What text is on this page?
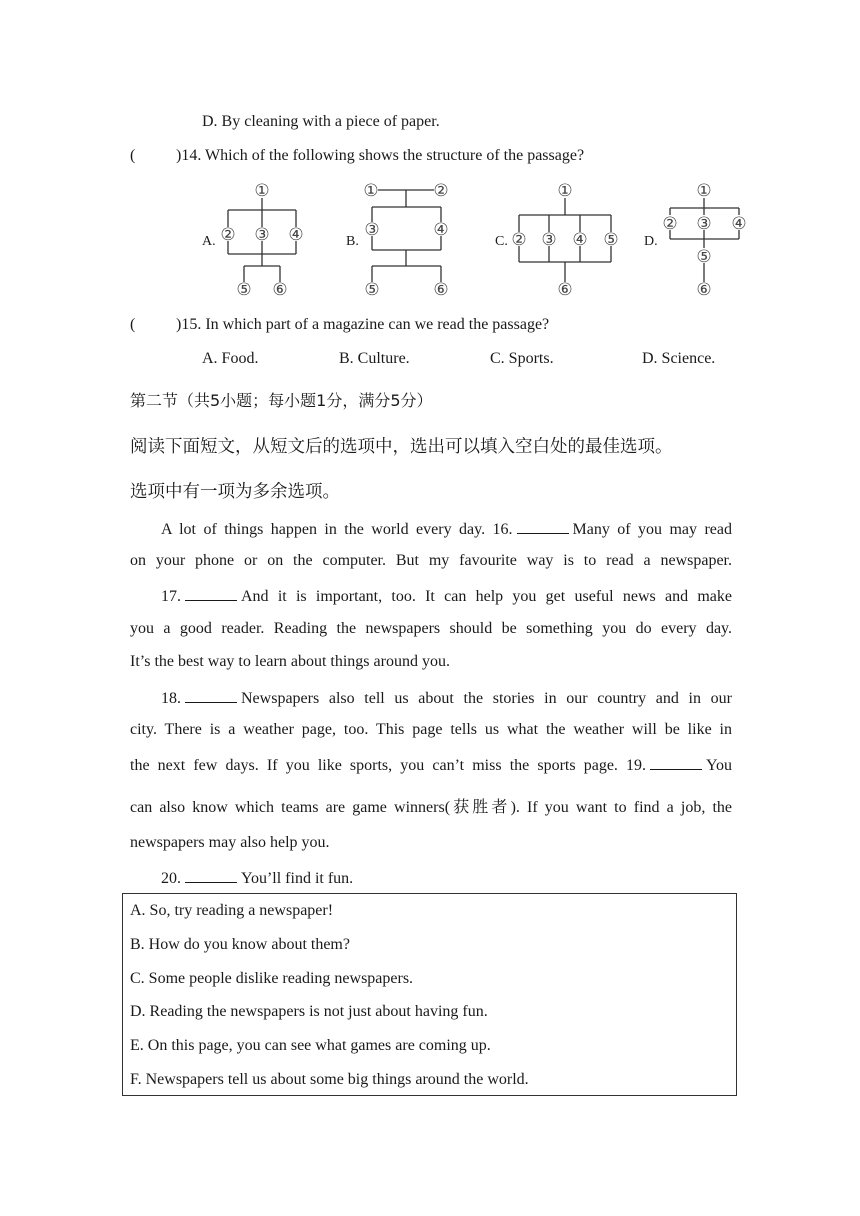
D. By cleaning with a piece of paper.
(	)14. Which of the following shows the structure of the passage?
①
② ③ ④
⑤ ⑥
①	②
③	④
⑤	⑥
①
② ③ ④ ⑤
⑥
①
② ③ ④
⑤
⑥
A.	B.	C.	D.
(	)15. In which part of a magazine can we read the passage?
A. Food.	B. Culture.	C. Sports.	D. Science.
第二节（共5小题；每小题1分，满分5分）
阅读下面短文，从短文后的选项中，选出可以填入空白处的最佳选项。
选项中有一项为多余选项。
A lot of things happen in the world every day. 16.	Many of you may read
on your phone or on the computer. But my favourite way is to read a newspaper.
17.	And it is important, too. It can help you get useful news and make
you a good reader. Reading the newspapers should be something you do every day.
It’s the best way to learn about things around you.
18.	Newspapers also tell us about the stories in our country and in our
city. There is a weather page, too. This page tells us what the weather will be like in
the next few days. If you like sports, you can’t miss the sports page. 19.	You
can also know which teams are game winners(获胜者). If you want to find a job, the
newspapers may also help you.
20.	You’ll find it fun.
A. So, try reading a newspaper!
B. How do you know about them?
C. Some people dislike reading newspapers.
D. Reading the newspapers is not just about having fun.
E. On this page, you can see what games are coming up.
F. Newspapers tell us about some big things around the world.
